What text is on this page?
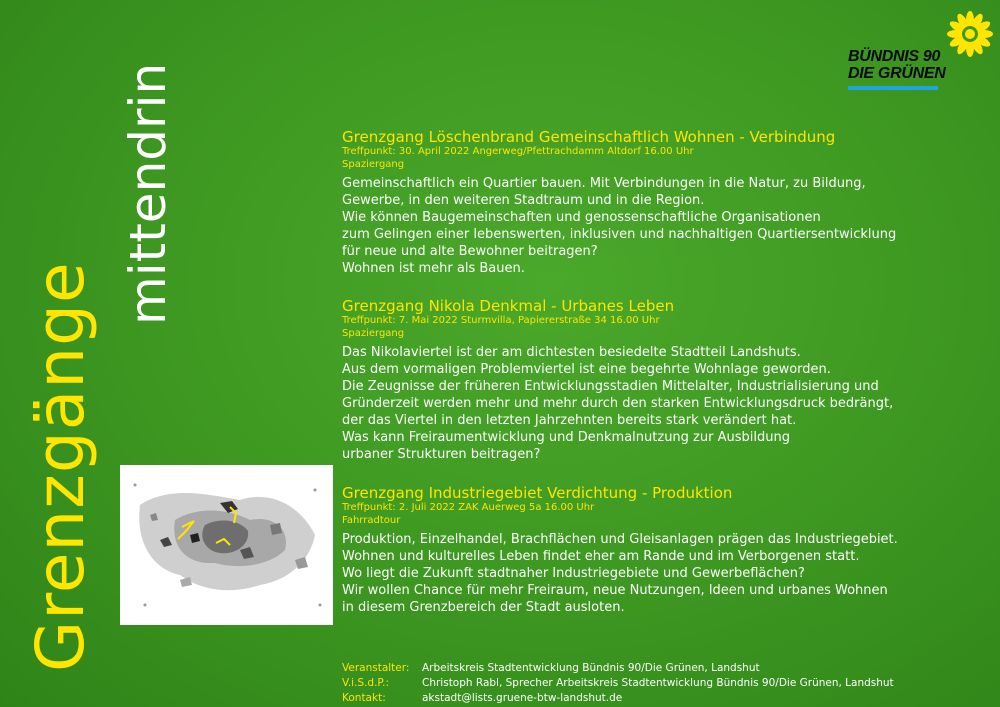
Grenzgänge
mittendrin
BÜNDNIS 90
DIE GRÜNEN
Grenzgang Löschenbrand Gemeinschaftlich Wohnen - Verbindung
Treffpunkt: 30. April 2022 Angerweg/Pfettrachdamm Altdorf 16.00 Uhr
Spaziergang
Gemeinschaftlich ein Quartier bauen. Mit Verbindungen in die Natur, zu Bildung,
Gewerbe, in den weiteren Stadtraum und in die Region.
Wie können Baugemeinschaften und genossenschaftliche Organisationen
zum Gelingen einer lebenswerten, inklusiven und nachhaltigen Quartiersentwicklung
für neue und alte Bewohner beitragen?
Wohnen ist mehr als Bauen.
Grenzgang Nikola Denkmal - Urbanes Leben
Treffpunkt: 7. Mai 2022 Sturmvilla, Papiererstraße 34 16.00 Uhr
Spaziergang
Das Nikolaviertel ist der am dichtesten besiedelte Stadtteil Landshuts.
Aus dem vormaligen Problemviertel ist eine begehrte Wohnlage geworden.
Die Zeugnisse der früheren Entwicklungsstadien Mittelalter, Industrialisierung und
Gründerzeit werden mehr und mehr durch den starken Entwicklungsdruck bedrängt,
der das Viertel in den letzten Jahrzehnten bereits stark verändert hat.
Was kann Freiraumentwicklung und Denkmalnutzung zur Ausbildung
urbaner Strukturen beitragen?
Grenzgang Industriegebiet Verdichtung - Produktion
Treffpunkt: 2. Juli 2022 ZAK Auerweg 5a 16.00 Uhr
Fahrradtour
Produktion, Einzelhandel, Brachflächen und Gleisanlagen prägen das Industriegebiet.
Wohnen und kulturelles Leben findet eher am Rande und im Verborgenen statt.
Wo liegt die Zukunft stadtnaher Industriegebiete und Gewerbeflächen?
Wir wollen Chance für mehr Freiraum, neue Nutzungen, Ideen und urbanes Wohnen
in diesem Grenzbereich der Stadt ausloten.
Veranstalter: Arbeitskreis Stadtentwicklung Bündnis 90/Die Grünen, Landshut
V.i.S.d.P.:	Christoph Rabl, Sprecher Arbeitskreis Stadtentwicklung Bündnis 90/Die Grünen, Landshut
Kontakt:	akstadt@lists.gruene-btw-landshut.de
